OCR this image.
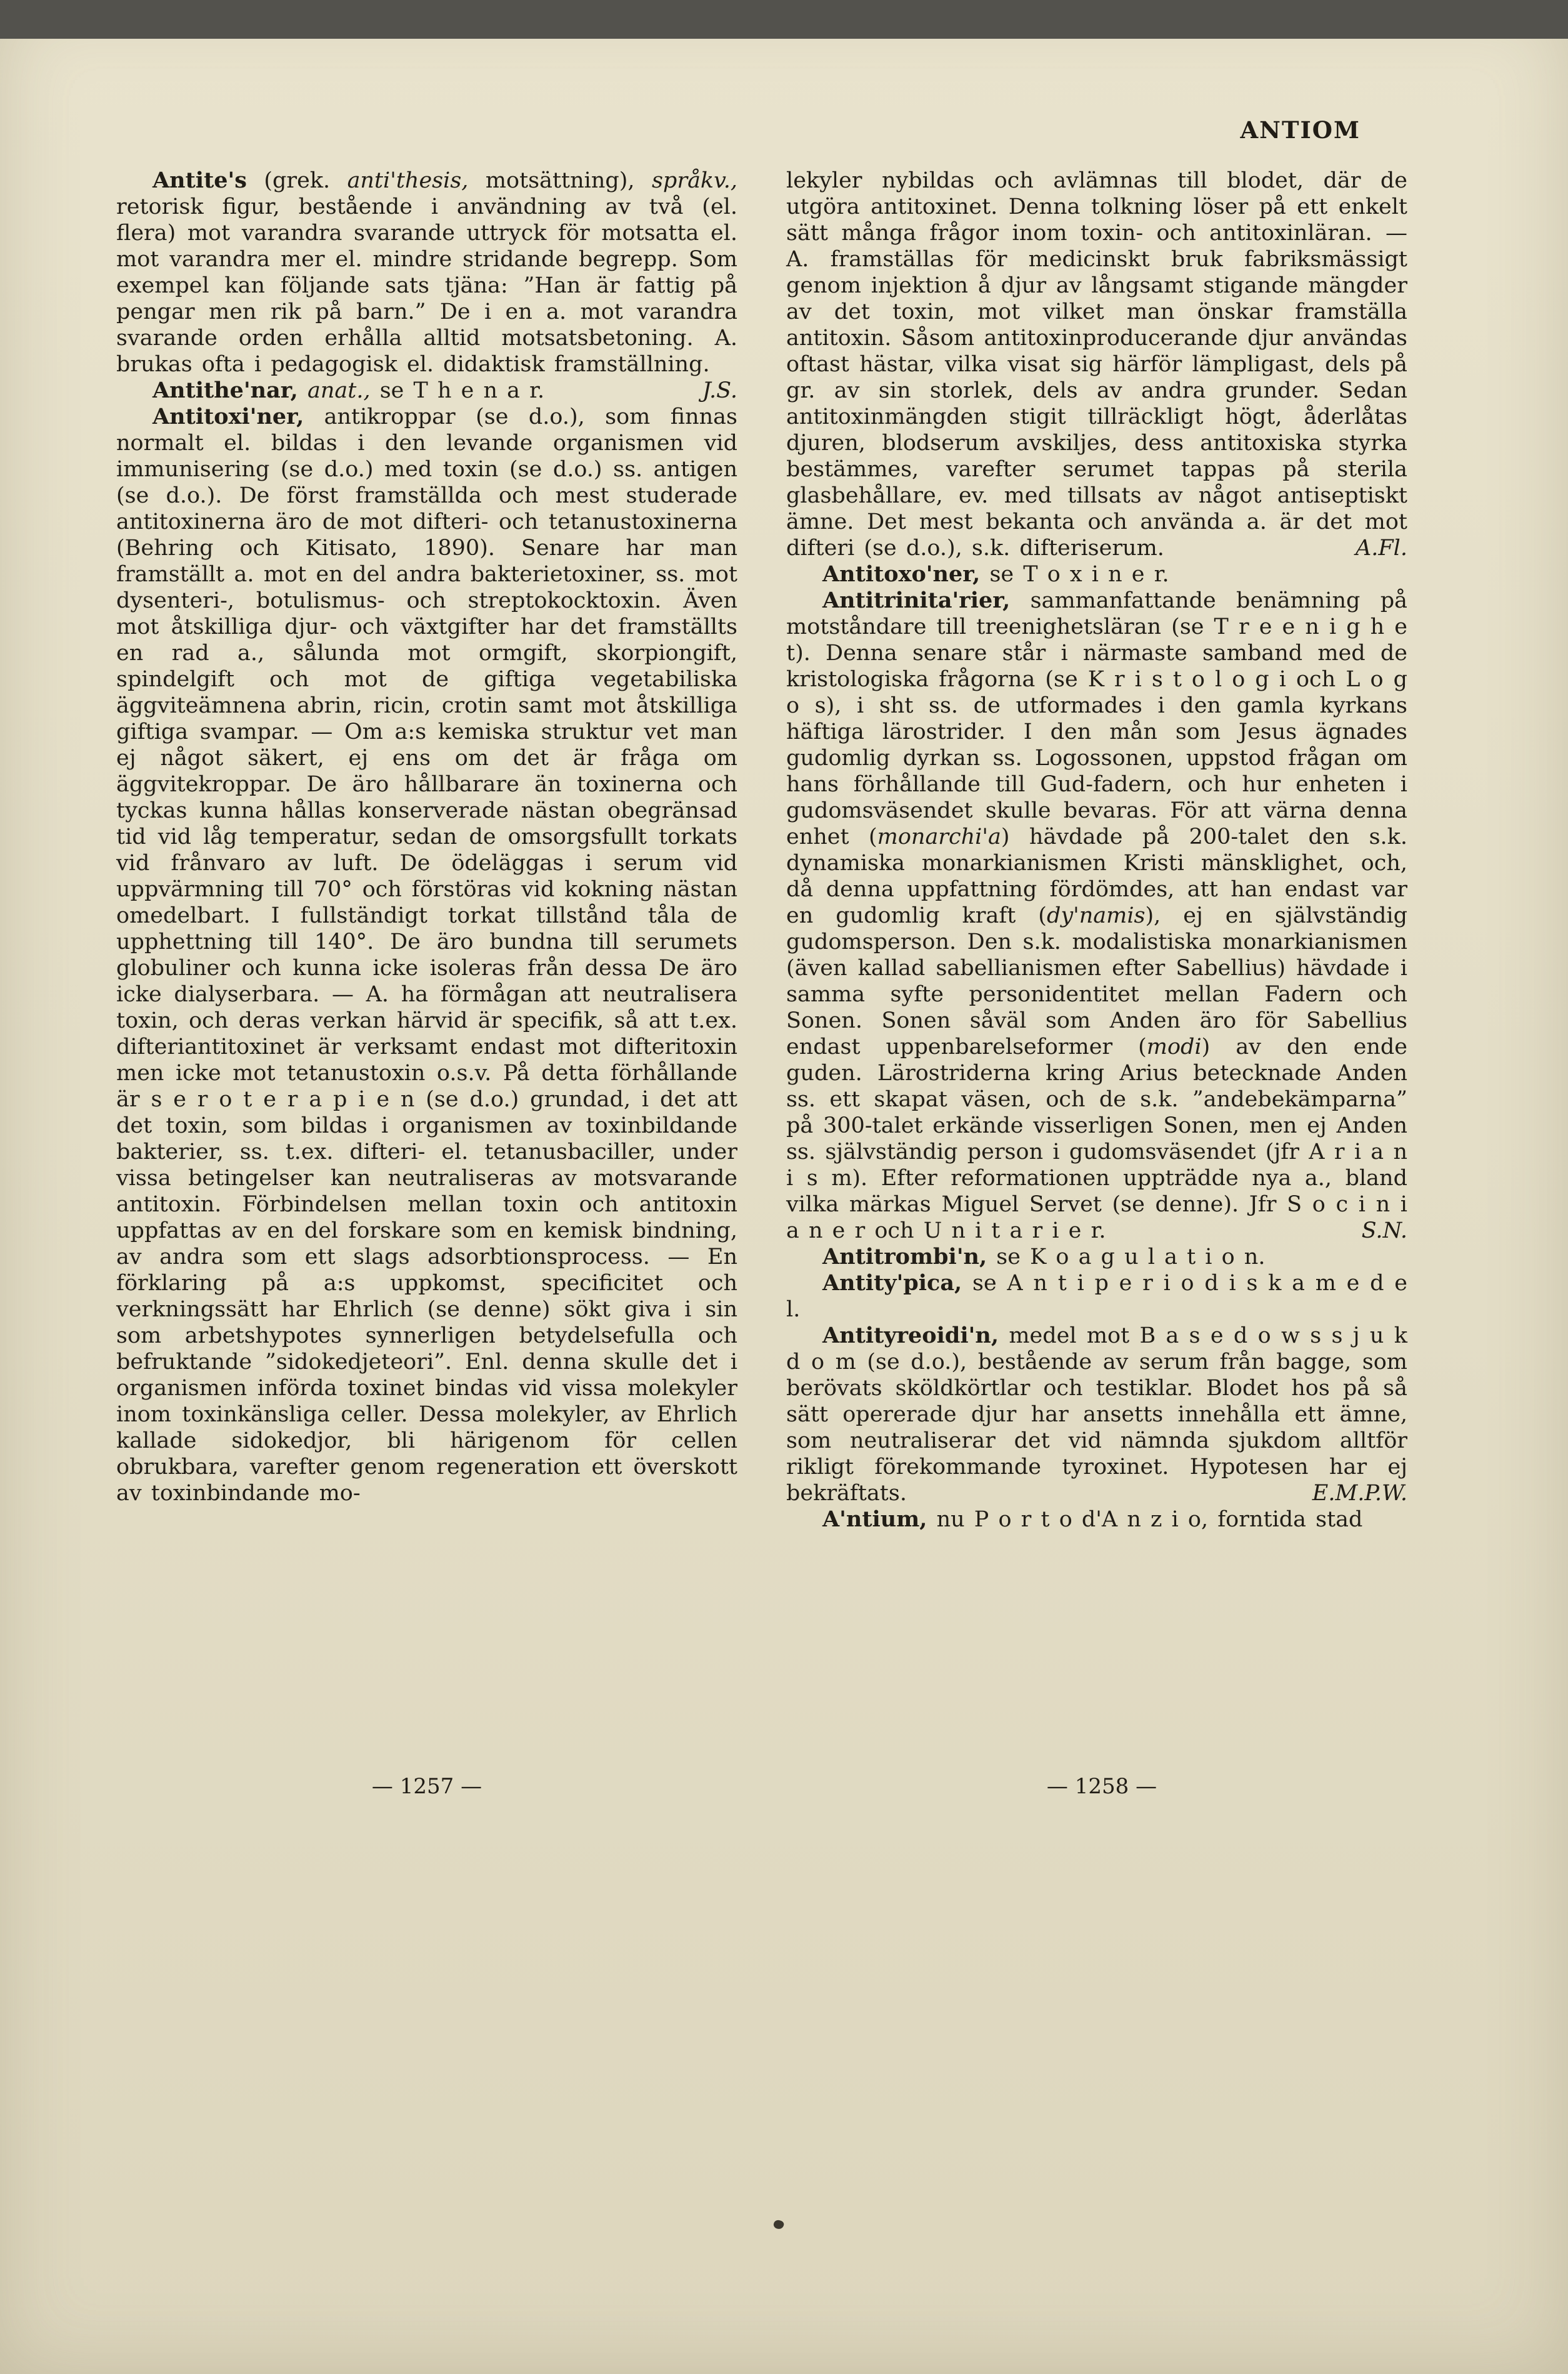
ANTIOM

Antite's (grek. anti'thesis, motsättning), språkv., retorisk figur, bestående i användning av två (el. flera) mot varandra svarande uttryck för motsatta el. mot varandra mer el. mindre stridande begrepp. Som exempel kan följande sats tjäna: ”Han är fattig på pengar men rik på barn.” De i en a. mot varandra svarande orden erhålla alltid motsatsbetoning. A. brukas ofta i pedagogisk el. didaktisk framställning.
J.S.

Antithe'nar, anat., se T h e n a r.

Antitoxi'ner, antikroppar (se d.o.), som finnas normalt el. bildas i den levande organismen vid immunisering (se d.o.) med toxin (se d.o.) ss. antigen (se d.o.). De först framställda och mest studerade antitoxinerna äro de mot difteri- och tetanustoxinerna (Behring och Kitisato, 1890). Senare har man framställt a. mot en del andra bakterietoxiner, ss. mot dysenteri-, botulismus- och streptokocktoxin. Även mot åtskilliga djur- och växtgifter har det framställts en rad a., sålunda mot ormgift, skorpiongift, spindelgift och mot de giftiga vegetabiliska äggviteämnena abrin, ricin, crotin samt mot åtskilliga giftiga svampar. — Om a:s kemiska struktur vet man ej något säkert, ej ens om det är fråga om äggvitekroppar. De äro hållbarare än toxinerna och tyckas kunna hållas konserverade nästan obegränsad tid vid låg temperatur, sedan de omsorgsfullt torkats vid frånvaro av luft. De ödeläggas i serum vid uppvärmning till 70° och förstöras vid kokning nästan omedelbart. I fullständigt torkat tillstånd tåla de upphettning till 140°. De äro bundna till serumets globuliner och kunna icke isoleras från dessa De äro icke dialyserbara. — A. ha förmågan att neutralisera toxin, och deras verkan härvid är specifik, så att t.ex. difteriantitoxinet är verksamt endast mot difteritoxin men icke mot tetanustoxin o.s.v. På detta förhållande är s e r o t e r a p i e n (se d.o.) grundad, i det att det toxin, som bildas i organismen av toxinbildande bakterier, ss. t.ex. difteri- el. tetanusbaciller, under vissa betingelser kan neutraliseras av motsvarande antitoxin. Förbindelsen mellan toxin och antitoxin uppfattas av en del forskare som en kemisk bindning, av andra som ett slags adsorbtionsprocess. — En förklaring på a:s uppkomst, specificitet och verkningssätt har Ehrlich (se denne) sökt giva i sin som arbetshypotes synnerligen betydelsefulla och befruktande ”sidokedjeteori”. Enl. denna skulle det i organismen införda toxinet bindas vid vissa molekyler inom toxinkänsliga celler. Dessa molekyler, av Ehrlich kallade sidokedjor, bli härigenom för cellen obrukbara, varefter genom regeneration ett överskott av toxinbindande mo-

lekyler nybildas och avlämnas till blodet, där de utgöra antitoxinet. Denna tolkning löser på ett enkelt sätt många frågor inom toxin- och antitoxinläran. — A. framställas för medicinskt bruk fabriksmässigt genom injektion å djur av långsamt stigande mängder av det toxin, mot vilket man önskar framställa antitoxin. Såsom antitoxinproducerande djur användas oftast hästar, vilka visat sig härför lämpligast, dels på gr. av sin storlek, dels av andra grunder. Sedan antitoxinmängden stigit tillräckligt högt, åderlåtas djuren, blodserum avskiljes, dess antitoxiska styrka bestämmes, varefter serumet tappas på sterila glasbehållare, ev. med tillsats av något antiseptiskt ämne. Det mest bekanta och använda a. är det mot difteri (se d.o.), s.k. difteriserum.	A.Fl.

Antitoxo'ner, se T o x i n e r.

Antitrinita'rier, sammanfattande benämning på motståndare till treenighetsläran (se T r e e n i g h e t). Denna senare står i närmaste samband med de kristologiska frågorna (se K r i s t o l o g i och L o g o s), i sht ss. de utformades i den gamla kyrkans häftiga lärostrider. I den mån som Jesus ägnades gudomlig dyrkan ss. Logossonen, uppstod frågan om hans förhållande till Gud-fadern, och hur enheten i gudomsväsendet skulle bevaras. För att värna denna enhet (monarchi'a) hävdade på 200-talet den s.k. dynamiska monarkianismen Kristi mänsklighet, och, då denna uppfattning fördömdes, att han endast var en gudomlig kraft (dy'namis), ej en självständig gudomsperson. Den s.k. modalistiska monarkianismen (även kallad sabellianismen efter Sabellius) hävdade i samma syfte personidentitet mellan Fadern och Sonen. Sonen såväl som Anden äro för Sabellius endast uppenbarelseformer (modi) av den ende guden. Lärostriderna kring Arius betecknade Anden ss. ett skapat väsen, och de s.k. ”andebekämparna” på 300-talet erkände visserligen Sonen, men ej Anden ss. självständig person i gudomsväsendet (jfr A r i a n i s m). Efter reformationen uppträdde nya a., bland vilka märkas Miguel Servet (se denne). Jfr S o c i n i a n e r och U n i t a r i e r.	S.N.

Antitrombi'n, se K o a g u l a t i o n.

Antity'pica, se A n t i p e r i o d i s k a m e d e l.

Antityreoidi'n, medel mot B a s e d o w s s j u k d o m (se d.o.), bestående av serum från bagge, som berövats sköldkörtlar och testiklar. Blodet hos på så sätt opererade djur har ansetts innehålla ett ämne, som neutraliserar det vid nämnda sjukdom alltför rikligt förekommande tyroxinet. Hypotesen har ej bekräftats.	E.M.P.W.

A'ntium, nu P o r t o d'A n z i o, forntida stad

— 1257 —	— 1258 —
